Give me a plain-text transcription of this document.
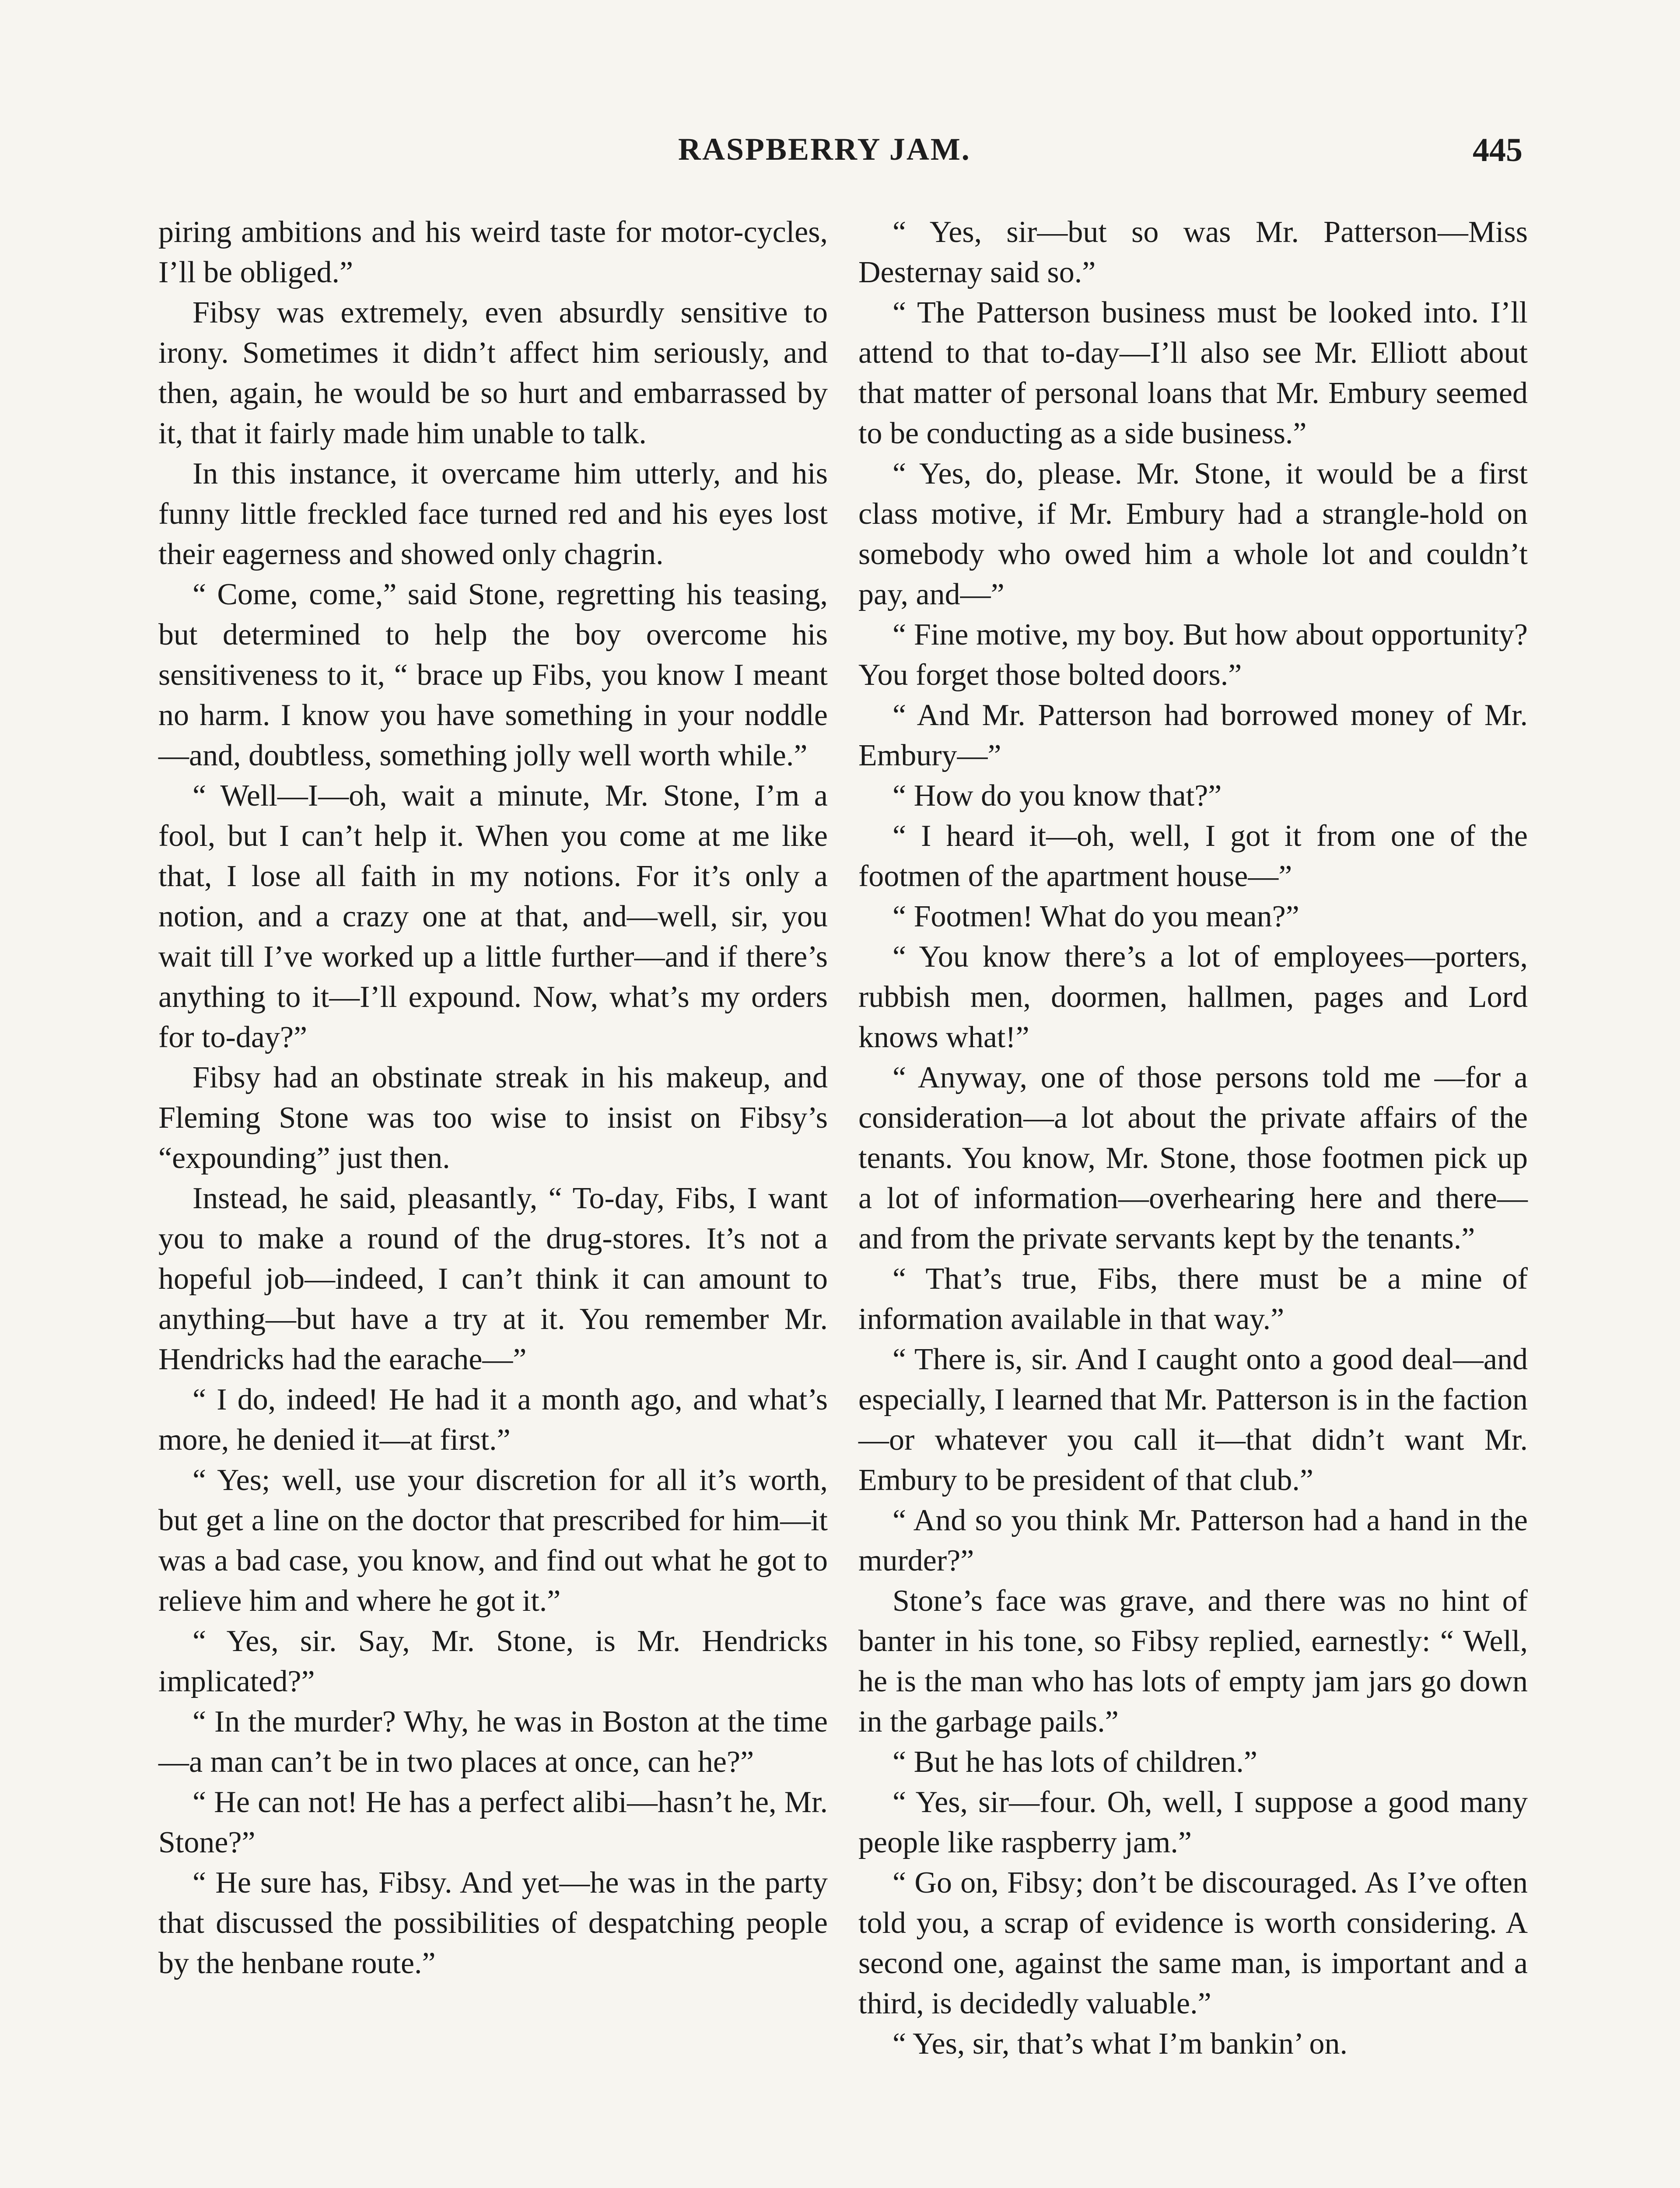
RASPBERRY JAM.	445

piring ambitions and his weird taste for motor-cycles, I’ll be obliged.”

Fibsy was extremely, even absurdly sensitive to irony. Sometimes it didn’t affect him seriously, and then, again, he would be so hurt and embarrassed by it, that it fairly made him unable to talk.

In this instance, it overcame him utterly, and his funny little freckled face turned red and his eyes lost their eagerness and showed only chagrin.

“ Come, come,” said Stone, regretting his teasing, but determined to help the boy overcome his sensitiveness to it, “ brace up Fibs, you know I meant no harm. I know you have something in your noddle—and, doubtless, something jolly well worth while.”

“ Well—I—oh, wait a minute, Mr. Stone, I’m a fool, but I can’t help it. When you come at me like that, I lose all faith in my notions. For it’s only a notion, and a crazy one at that, and—well, sir, you wait till I’ve worked up a little further—and if there’s anything to it—I’ll expound. Now, what’s my orders for to-day?”

Fibsy had an obstinate streak in his makeup, and Fleming Stone was too wise to insist on Fibsy’s “expounding” just then.

Instead, he said, pleasantly, “ To-day, Fibs, I want you to make a round of the drug-stores. It’s not a hopeful job—indeed, I can’t think it can amount to anything—but have a try at it. You remember Mr. Hendricks had the earache—”

“ I do, indeed! He had it a month ago, and what’s more, he denied it—at first.”

“ Yes; well, use your discretion for all it’s worth, but get a line on the doctor that prescribed for him—it was a bad case, you know, and find out what he got to relieve him and where he got it.”

“ Yes, sir. Say, Mr. Stone, is Mr. Hendricks implicated?”

“ In the murder? Why, he was in Boston at the time—a man can’t be in two places at once, can he?”

“ He can not! He has a perfect alibi—hasn’t he, Mr. Stone?”

“ He sure has, Fibsy. And yet—he was in the party that discussed the possibilities of despatching people by the henbane route.”

“ Yes, sir—but so was Mr. Patterson—Miss Desternay said so.”

“ The Patterson business must be looked into. I’ll attend to that to-day—I’ll also see Mr. Elliott about that matter of personal loans that Mr. Embury seemed to be conducting as a side business.”

“ Yes, do, please. Mr. Stone, it would be a first class motive, if Mr. Embury had a strangle-hold on somebody who owed him a whole lot and couldn’t pay, and—”

“ Fine motive, my boy. But how about opportunity? You forget those bolted doors.”

“ And Mr. Patterson had borrowed money of Mr. Embury—”

“ How do you know that?”

“ I heard it—oh, well, I got it from one of the footmen of the apartment house—”

“ Footmen! What do you mean?”

“ You know there’s a lot of employees—porters, rubbish men, doormen, hallmen, pages and Lord knows what!”

“ Anyway, one of those persons told me —for a consideration—a lot about the private affairs of the tenants. You know, Mr. Stone, those footmen pick up a lot of information—overhearing here and there—and from the private servants kept by the tenants.”

“ That’s true, Fibs, there must be a mine of information available in that way.”

“ There is, sir. And I caught onto a good deal—and especially, I learned that Mr. Patterson is in the faction—or whatever you call it—that didn’t want Mr. Embury to be president of that club.”

“ And so you think Mr. Patterson had a hand in the murder?”

Stone’s face was grave, and there was no hint of banter in his tone, so Fibsy replied, earnestly: “ Well, he is the man who has lots of empty jam jars go down in the garbage pails.”

“ But he has lots of children.”

“ Yes, sir—four. Oh, well, I suppose a good many people like raspberry jam.”

“ Go on, Fibsy; don’t be discouraged. As I’ve often told you, a scrap of evidence is worth considering. A second one, against the same man, is important and a third, is decidedly valuable.”

“ Yes, sir, that’s what I’m bankin’ on.
